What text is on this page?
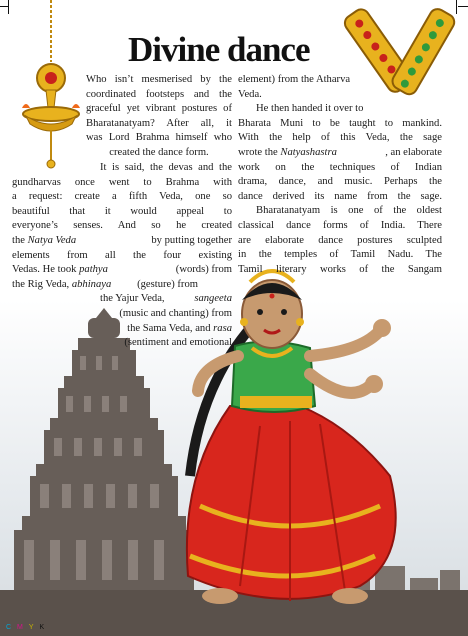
Divine dance
Who isn’t mesmerised by the
coordinated footsteps and the
graceful yet vibrant postures of
Bharatanatyam? After all, it
was Lord Brahma himself who
created the dance form.
It is said, the devas and the
gundharvas once went to Brahma with
a request: create a fifth Veda, one so
beautiful that it would appeal to
everyone’s senses. And so he created
the Natya Veda	by putting together
elements from all the four existing
Vedas. He took pathya	(words) from
the Rig Veda, abhinaya (gesture) from
the Yajur Veda,	sangeeta
(music and chanting) from
the Sama Veda, and rasa
(sentiment and emotional
element) from the Atharva
Veda.
He then handed it over to
Bharata Muni to be taught to mankind.
With the help of this Veda, the sage
wrote the Natyashastra	, an elaborate
work on the techniques of Indian
drama, dance, and music. Perhaps the
dance derived its name from the sage.
Bharatanatyam is one of the oldest
classical dance forms of India. There
are elaborate dance postures sculpted
in the temples of Tamil Nadu. The
Tamil literary works of the Sangam
C M Y K
